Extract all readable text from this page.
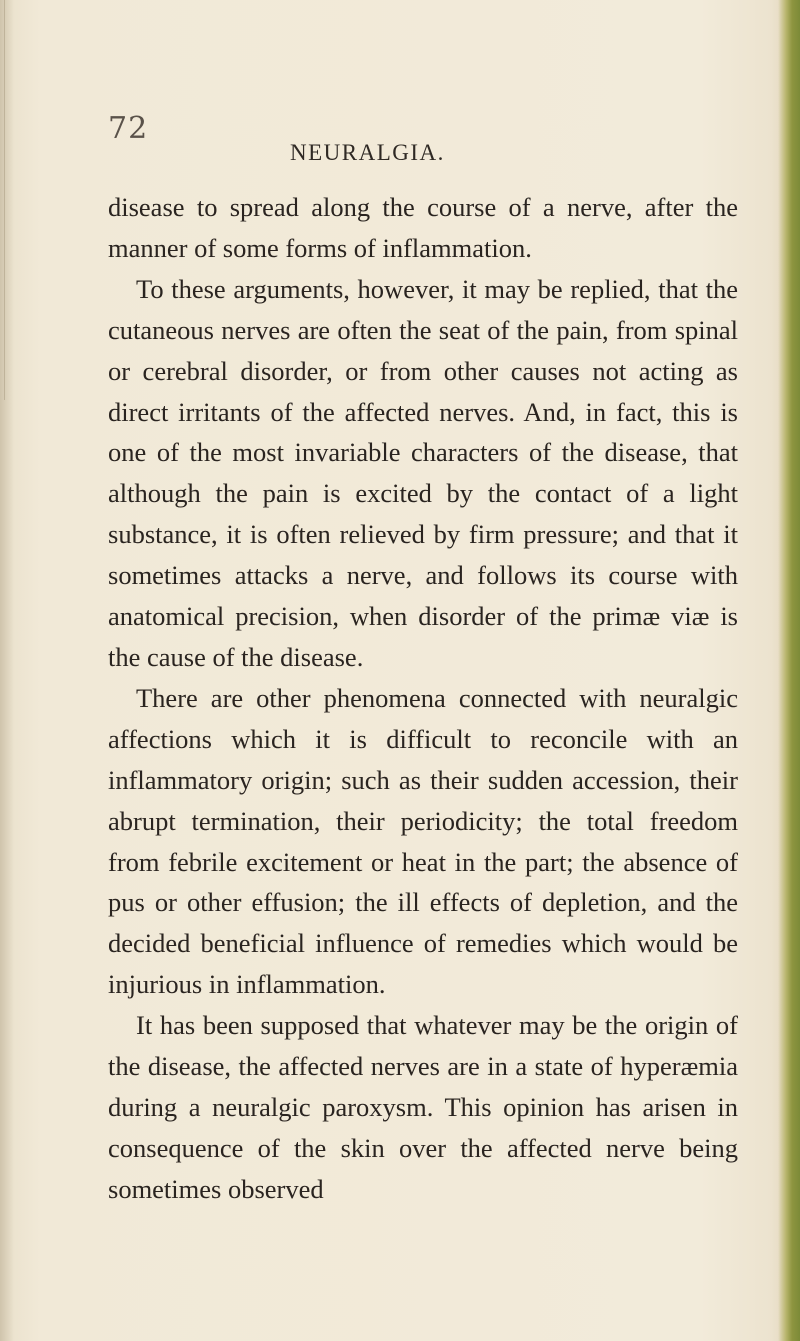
72
NEURALGIA.

disease to spread along the course of a nerve, after the manner of some forms of inflammation.

To these arguments, however, it may be replied, that the cutaneous nerves are often the seat of the pain, from spinal or cerebral disorder, or from other causes not acting as direct irritants of the affected nerves. And, in fact, this is one of the most invariable characters of the disease, that although the pain is excited by the contact of a light substance, it is often relieved by firm pressure; and that it sometimes attacks a nerve, and follows its course with anatomical precision, when disorder of the primæ viæ is the cause of the disease.

There are other phenomena connected with neuralgic affections which it is difficult to reconcile with an inflammatory origin; such as their sudden accession, their abrupt termination, their periodicity; the total freedom from febrile excitement or heat in the part; the absence of pus or other effusion; the ill effects of depletion, and the decided beneficial influence of remedies which would be injurious in inflammation.

It has been supposed that whatever may be the origin of the disease, the affected nerves are in a state of hyperæmia during a neuralgic paroxysm. This opinion has arisen in consequence of the skin over the affected nerve being sometimes observed
